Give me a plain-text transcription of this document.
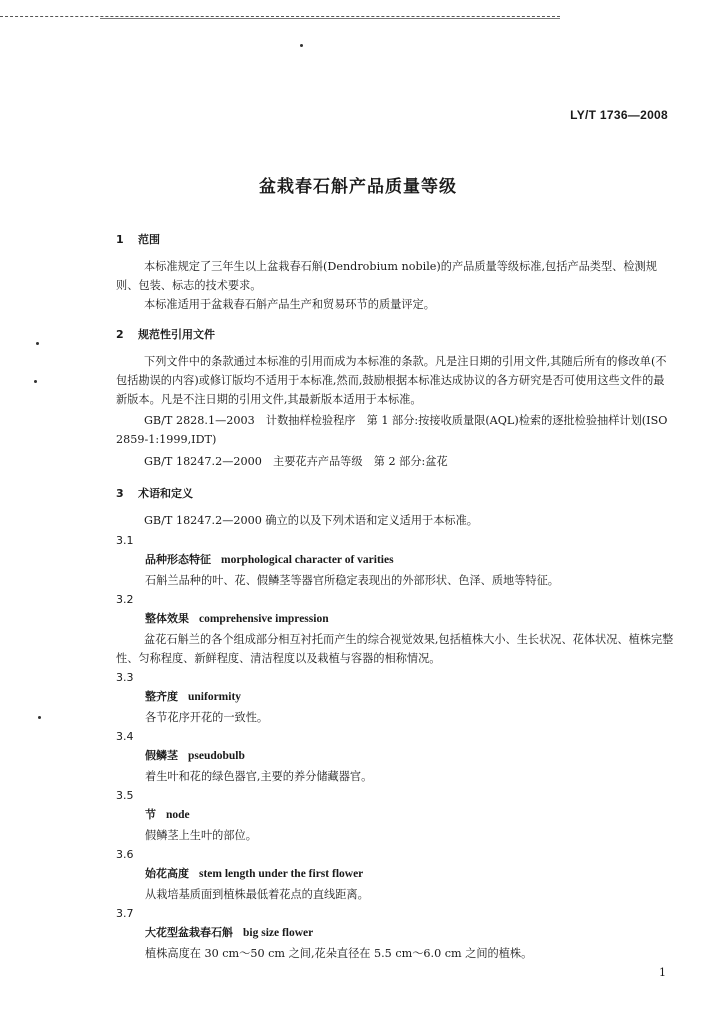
LY/T 1736—2008
盆栽春石斛产品质量等级
1 范围
本标准规定了三年生以上盆栽春石斛(Dendrobium nobile)的产品质量等级标准,包括产品类型、检测规则、包装、标志的技术要求。
本标准适用于盆栽春石斛产品生产和贸易环节的质量评定。
2 规范性引用文件
下列文件中的条款通过本标准的引用而成为本标准的条款。凡是注日期的引用文件,其随后所有的修改单(不包括勘误的内容)或修订版均不适用于本标准,然而,鼓励根据本标准达成协议的各方研究是否可使用这些文件的最新版本。凡是不注日期的引用文件,其最新版本适用于本标准。
GB/T 2828.1—2003　计数抽样检验程序　第 1 部分:按接收质量限(AQL)检索的逐批检验抽样计划(ISO 2859-1:1999,IDT)
GB/T 18247.2—2000　主要花卉产品等级　第 2 部分:盆花
3 术语和定义
GB/T 18247.2—2000 确立的以及下列术语和定义适用于本标准。
3.1
品种形态特征 morphological character of varities
石斛兰品种的叶、花、假鳞茎等器官所稳定表现出的外部形状、色泽、质地等特征。
3.2
整体效果 comprehensive impression
盆花石斛兰的各个组成部分相互衬托而产生的综合视觉效果,包括植株大小、生长状况、花体状况、植株完整性、匀称程度、新鲜程度、清洁程度以及栽植与容器的相称情况。
3.3
整齐度 uniformity
各节花序开花的一致性。
3.4
假鳞茎 pseudobulb
着生叶和花的绿色器官,主要的养分储藏器官。
3.5
节 node
假鳞茎上生叶的部位。
3.6
始花高度 stem length under the first flower
从栽培基质面到植株最低着花点的直线距离。
3.7
大花型盆栽春石斛 big size flower
植株高度在 30 cm～50 cm 之间,花朵直径在 5.5 cm～6.0 cm 之间的植株。
1
